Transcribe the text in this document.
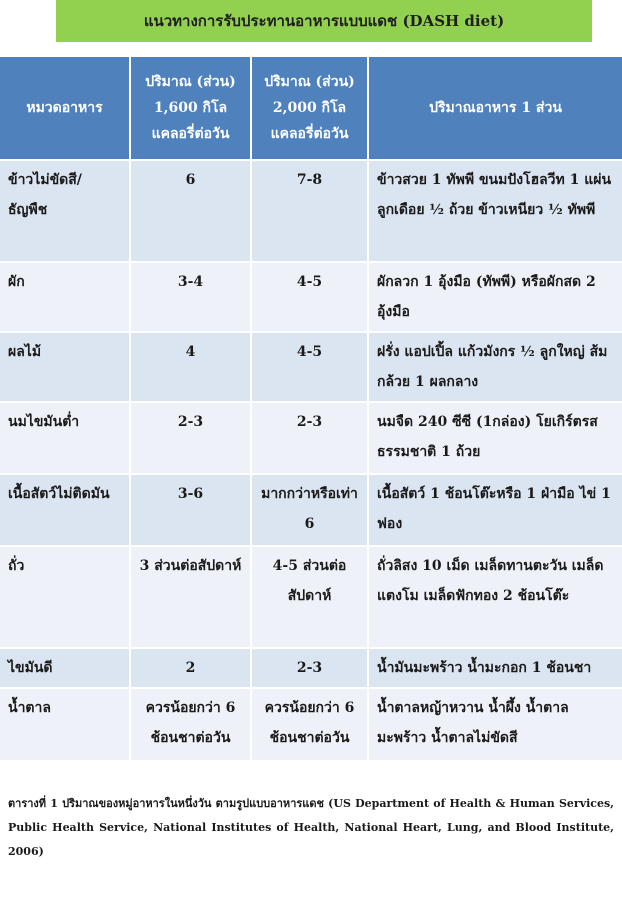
แนวทางการรับประทานอาหารแบบแดช (DASH diet)
หมวดอาหาร	ปริมาณ (ส่วน) 1,600 กิโลแคลอรี่ต่อวัน	ปริมาณ (ส่วน) 2,000 กิโลแคลอรี่ต่อวัน	ปริมาณอาหาร 1 ส่วน
ข้าวไม่ขัดสี/ธัญพืช	6	7-8	ข้าวสวย 1 ทัพพี ขนมปังโฮลวีท 1 แผ่นลูกเดือย ½ ถ้วย ข้าวเหนียว ½ ทัพพี
ผัก	3-4	4-5	ผักลวก 1 อุ้งมือ (ทัพพี) หรือผักสด 2 อุ้งมือ
ผลไม้	4	4-5	ฝรั่ง แอปเปิ้ล แก้วมังกร ½ ลูกใหญ่ ส้ม กล้วย 1 ผลกลาง
นมไขมันต่ำ	2-3	2-3	นมจืด 240 ซีซี (1กล่อง) โยเกิร์ตรสธรรมชาติ 1 ถ้วย
เนื้อสัตว์ไม่ติดมัน	3-6	มากกว่าหรือเท่า 6	เนื้อสัตว์ 1 ช้อนโต๊ะหรือ 1 ฝ่ามือ ไข่ 1 ฟอง
ถั่ว	3 ส่วนต่อสัปดาห์	4-5 ส่วนต่อสัปดาห์	ถั่วลิสง 10 เม็ด เมล็ดทานตะวัน เมล็ดแตงโม เมล็ดฟักทอง 2 ช้อนโต๊ะ
ไขมันดี	2	2-3	น้ำมันมะพร้าว น้ำมะกอก 1 ช้อนชา
น้ำตาล	ควรน้อยกว่า 6 ช้อนชาต่อวัน	ควรน้อยกว่า 6 ช้อนชาต่อวัน	น้ำตาลหญ้าหวาน น้ำผึ้ง น้ำตาลมะพร้าว น้ำตาลไม่ขัดสี
ตารางที่ 1 ปริมาณของหมู่อาหารในหนึ่งวัน ตามรูปแบบอาหารแดช (US Department of Health & Human Services, Public Health Service, National Institutes of Health, National Heart, Lung, and Blood Institute, 2006)
